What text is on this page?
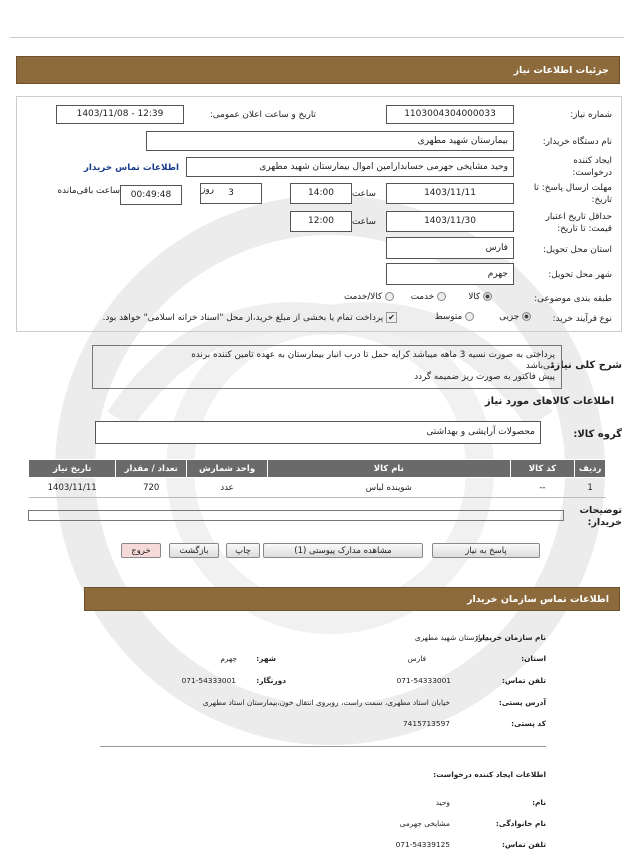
جزئیات اطلاعات نیاز
شماره نیاز:
1103004304000033
تاریخ و ساعت اعلان عمومی:
1403/11/08 - 12:39
نام دستگاه خریدار:
بیمارستان شهید مطهری
ایجاد کننده درخواست:
وحید مشایخی جهرمی حسابدارامین اموال بیمارستان شهید مطهری
اطلاعات تماس خریدار
مهلت ارسال پاسخ: تا تاریخ:
1403/11/11
ساعت
14:00
3
روز
00:49:48
ساعت باقی‌مانده
حداقل تاریخ اعتبار قیمت: تا تاریخ:
1403/11/30
ساعت
12:00
استان محل تحویل:
فارس
شهر محل تحویل:
جهرم
طبقه بندی موضوعی:
کالا
خدمت
کالا/خدمت
نوع فرآیند خرید:
جزیی
متوسط
✔ پرداخت تمام یا بخشی از مبلغ خرید،از محل "اسناد خزانه اسلامی" خواهد بود.
شرح کلی نیاز:
پرداختی به صورت نسیه 3 ماهه میباشد کرایه حمل تا درب انبار بیمارستان به عهده تامین کننده برنده
می‌باشد
پیش فاکتور به صورت ریز ضمیمه گردد
اطلاعات کالاهای مورد نیاز
گروه کالا:
محصولات آرایشی و بهداشتی
ردیف	کد کالا	نام کالا	واحد شمارش	تعداد / مقدار	تاریخ نیاز
1	--	شوینده لباس	عدد	720	1403/11/11
توضیحات خریدار:
پاسخ به نیاز
مشاهده مدارک پیوستی (1)
چاپ
بازگشت
خروج
اطلاعات تماس سازمان خریدار
نام سازمان خریدار:
بیمارستان شهید مطهری
استان:
فارس
شهر:
جهرم
تلفن تماس:
071-54333001
دورنگار:
071-54333001
آدرس پستی:
خیابان استاد مطهری، سمت راست، روبروی انتقال خون،بیمارستان استاد مطهری
کد پستی:
7415713597
اطلاعات ایجاد کننده درخواست:
نام:
وحید
نام خانوادگی:
مشایخی جهرمی
تلفن تماس:
071-54339125
